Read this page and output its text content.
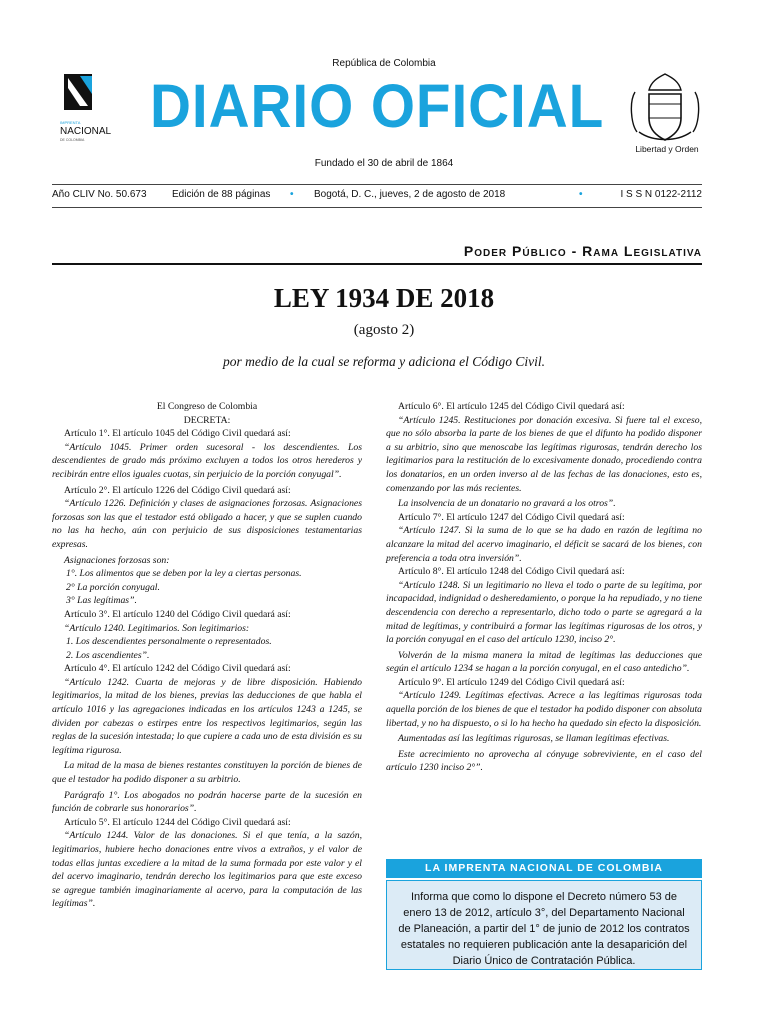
IMPRENTA
NACIONAL
DE COLOMBIA
República de Colombia
DIARIO OFICIAL
Fundado el 30 de abril de 1864
Libertad y Orden
Año CLIV No. 50.673	Edición de 88 páginas • Bogotá, D. C., jueves, 2 de agosto de 2018	•	I S S N 0122-2112
Poder Público - Rama Legislativa
LEY 1934 DE 2018
(agosto 2)
por medio de la cual se reforma y adiciona el Código Civil.

El Congreso de Colombia

DECRETA:

Artículo 1°. El artículo 1045 del Código Civil quedará así:

“Artículo 1045. Primer orden sucesoral - los descendientes. Los descendientes de grado más próximo excluyen a todos los otros herederos y recibirán entre ellos iguales cuotas, sin perjuicio de la porción conyugal”.

Artículo 2°. El artículo 1226 del Código Civil quedará así:

“Artículo 1226. Definición y clases de asignaciones forzosas. Asignaciones forzosas son las que el testador está obligado a hacer, y que se suplen cuando no las ha hecho, aún con perjuicio de sus disposiciones testamentarias expresas.

Asignaciones forzosas son:

1°. Los alimentos que se deben por la ley a ciertas personas.

2° La porción conyugal.

3° Las legítimas”.

Artículo 3°. El artículo 1240 del Código Civil quedará así:

“Artículo 1240. Legitimarios. Son legitimarios:

1. Los descendientes personalmente o representados.

2. Los ascendientes”.

Artículo 4°. El artículo 1242 del Código Civil quedará así:

“Artículo 1242. Cuarta de mejoras y de libre disposición. Habiendo legitimarios, la mitad de los bienes, previas las deducciones de que habla el artículo 1016 y las agregaciones indicadas en los artículos 1243 a 1245, se dividen por cabezas o estirpes entre los respectivos legitimarios, según las reglas de la sucesión intestada; lo que cupiere a cada uno de esta división es su legítima rigurosa.

La mitad de la masa de bienes restantes constituyen la porción de bienes de que el testador ha podido disponer a su arbitrio.

Parágrafo 1°. Los abogados no podrán hacerse parte de la sucesión en función de cobrarle sus honorarios”.

Artículo 5°. El artículo 1244 del Código Civil quedará así:

“Artículo 1244. Valor de las donaciones. Si el que tenía, a la sazón, legitimarios, hubiere hecho donaciones entre vivos a extraños, y el valor de todas ellas juntas excediere a la mitad de la suma formada por este valor y el del acervo imaginario, tendrán derecho los legitimarios para que este exceso se agregue también imaginariamente al acervo, para la computación de las legítimas”.

Artículo 6°. El artículo 1245 del Código Civil quedará así:

“Artículo 1245. Restituciones por donación excesiva. Si fuere tal el exceso, que no sólo absorba la parte de los bienes de que el difunto ha podido disponer a su arbitrio, sino que menoscabe las legítimas rigurosas, tendrán derecho los legitimarios para la restitución de lo excesivamente donado, procediendo contra los donatarios, en un orden inverso al de las fechas de las donaciones, esto es, comenzando por las más recientes.

La insolvencia de un donatario no gravará a los otros”.

Artículo 7°. El artículo 1247 del Código Civil quedará así:

“Artículo 1247. Si la suma de lo que se ha dado en razón de legítima no alcanzare la mitad del acervo imaginario, el déficit se sacará de los bienes, con preferencia a toda otra inversión”.

Artículo 8°. El artículo 1248 del Código Civil quedará así:

“Artículo 1248. Si un legitimario no lleva el todo o parte de su legítima, por incapacidad, indignidad o desheredamiento, o porque la ha repudiado, y no tiene descendencia con derecho a representarlo, dicho todo o parte se agregará a la mitad de legítimas, y contribuirá a formar las legítimas rigurosas de los otros, y la porción conyugal en el caso del artículo 1230, inciso 2°.

Volverán de la misma manera la mitad de legítimas las deducciones que según el artículo 1234 se hagan a la porción conyugal, en el caso antedicho”.

Artículo 9°. El artículo 1249 del Código Civil quedará así:

“Artículo 1249. Legítimas efectivas. Acrece a las legítimas rigurosas toda aquella porción de los bienes de que el testador ha podido disponer con absoluta libertad, y no ha dispuesto, o si lo ha hecho ha quedado sin efecto la disposición.

Aumentadas así las legítimas rigurosas, se llaman legítimas efectivas.

Este acrecimiento no aprovecha al cónyuge sobreviviente, en el caso del artículo 1230 inciso 2°”.

LA IMPRENTA NACIONAL DE COLOMBIA
Informa que como lo dispone el Decreto número 53 de enero 13 de 2012, artículo 3°, del Departamento Nacional de Planeación, a partir del 1° de junio de 2012 los contratos estatales no requieren publicación ante la desaparición del Diario Único de Contratación Pública.
